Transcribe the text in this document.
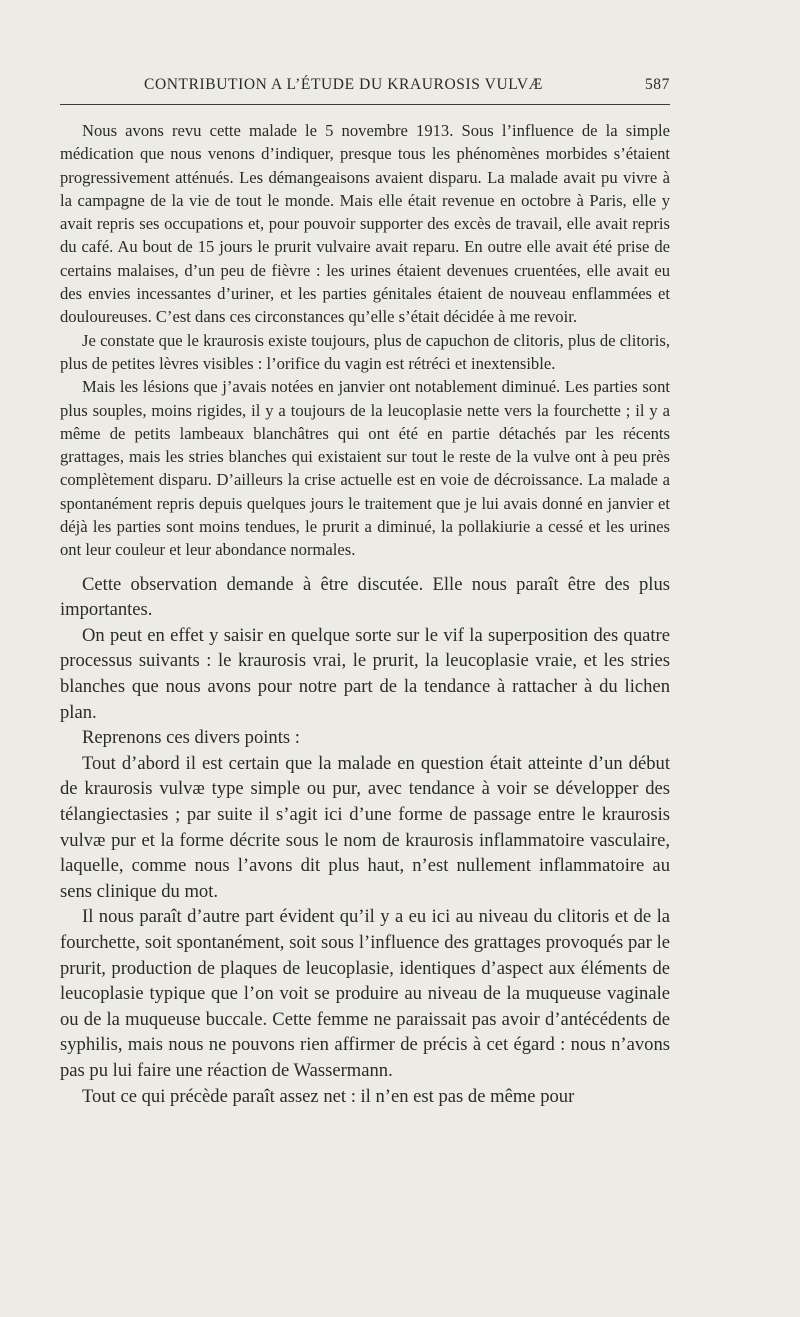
CONTRIBUTION A L’ÉTUDE DU KRAUROSIS VULVÆ	587

Nous avons revu cette malade le 5 novembre 1913. Sous l’influence de la simple médication que nous venons d’indiquer, presque tous les phénomènes morbides s’étaient progressivement atténués. Les démangeaisons avaient disparu. La malade avait pu vivre à la campagne de la vie de tout le monde. Mais elle était revenue en octobre à Paris, elle y avait repris ses occupations et, pour pouvoir supporter des excès de travail, elle avait repris du café. Au bout de 15 jours le prurit vulvaire avait reparu. En outre elle avait été prise de certains malaises, d’un peu de fièvre : les urines étaient devenues cruentées, elle avait eu des envies incessantes d’uriner, et les parties génitales étaient de nouveau enflammées et douloureuses. C’est dans ces circonstances qu’elle s’était décidée à me revoir.

Je constate que le kraurosis existe toujours, plus de capuchon de clitoris, plus de clitoris, plus de petites lèvres visibles : l’orifice du vagin est rétréci et inextensible.

Mais les lésions que j’avais notées en janvier ont notablement diminué. Les parties sont plus souples, moins rigides, il y a toujours de la leucoplasie nette vers la fourchette ; il y a même de petits lambeaux blanchâtres qui ont été en partie détachés par les récents grattages, mais les stries blanches qui existaient sur tout le reste de la vulve ont à peu près complètement disparu. D’ailleurs la crise actuelle est en voie de décroissance. La malade a spontanément repris depuis quelques jours le traitement que je lui avais donné en janvier et déjà les parties sont moins tendues, le prurit a diminué, la pollakiurie a cessé et les urines ont leur couleur et leur abondance normales.

Cette observation demande à être discutée. Elle nous paraît être des plus importantes.

On peut en effet y saisir en quelque sorte sur le vif la superposition des quatre processus suivants : le kraurosis vrai, le prurit, la leucoplasie vraie, et les stries blanches que nous avons pour notre part de la tendance à rattacher à du lichen plan.

Reprenons ces divers points :

Tout d’abord il est certain que la malade en question était atteinte d’un début de kraurosis vulvæ type simple ou pur, avec tendance à voir se développer des télangiectasies ; par suite il s’agit ici d’une forme de passage entre le kraurosis vulvæ pur et la forme décrite sous le nom de kraurosis inflammatoire vasculaire, laquelle, comme nous l’avons dit plus haut, n’est nullement inflammatoire au sens clinique du mot.

Il nous paraît d’autre part évident qu’il y a eu ici au niveau du clitoris et de la fourchette, soit spontanément, soit sous l’influence des grattages provoqués par le prurit, production de plaques de leucoplasie, identiques d’aspect aux éléments de leucoplasie typique que l’on voit se produire au niveau de la muqueuse vaginale ou de la muqueuse buccale. Cette femme ne paraissait pas avoir d’antécédents de syphilis, mais nous ne pouvons rien affirmer de précis à cet égard : nous n’avons pas pu lui faire une réaction de Wassermann.

Tout ce qui précède paraît assez net : il n’en est pas de même pour
